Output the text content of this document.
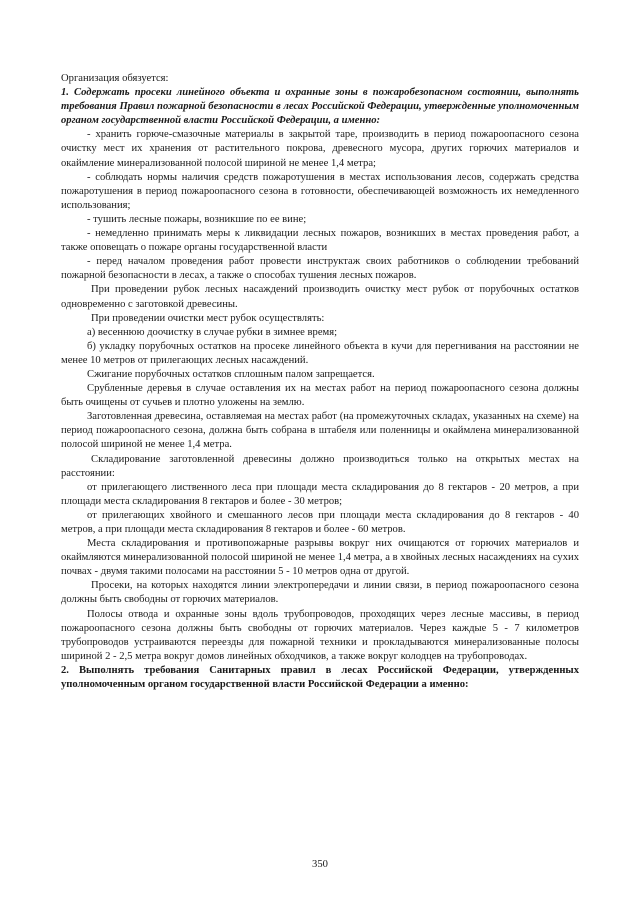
Организация обязуется:

1. Содержать просеки линейного объекта и охранные зоны в пожаробезопасном состоянии, выполнять требования Правил пожарной безопасности в лесах Российской Федерации, утвержденные уполномоченным органом государственной власти Российской Федерации, а именно:

- хранить горюче-смазочные материалы в закрытой таре, производить в период пожароопасного сезона очистку мест их хранения от растительного покрова, древесного мусора, других горючих материалов и окаймление минерализованной полосой шириной не менее 1,4 метра;

- соблюдать нормы наличия средств пожаротушения в местах использования лесов, содержать средства пожаротушения в период пожароопасного сезона в готовности, обеспечивающей возможность их немедленного использования;

- тушить лесные пожары, возникшие по ее вине;

- немедленно принимать меры к ликвидации лесных пожаров, возникших в местах проведения работ, а также оповещать о пожаре органы государственной власти

- перед началом проведения работ провести инструктаж своих работников о соблюдении требований пожарной безопасности в лесах, а также о способах тушения лесных пожаров.

При проведении рубок лесных насаждений производить очистку мест рубок от порубочных остатков одновременно с заготовкой древесины.

При проведении очистки мест рубок осуществлять:

а) весеннюю доочистку в случае рубки в зимнее время;

б) укладку порубочных остатков на просеке линейного объекта в кучи для перегнивания на расстоянии не менее 10 метров от прилегающих лесных насаждений.

Сжигание порубочных остатков сплошным палом запрещается.

Срубленные деревья в случае оставления их на местах работ на период пожароопасного сезона должны быть очищены от сучьев и плотно уложены на землю.

Заготовленная древесина, оставляемая на местах работ (на промежуточных складах, указанных на схеме) на период пожароопасного сезона, должна быть собрана в штабеля или поленницы и окаймлена минерализованной полосой шириной не менее 1,4 метра.

Складирование заготовленной древесины должно производиться только на открытых местах на расстоянии:

от прилегающего лиственного леса при площади места складирования до 8 гектаров - 20 метров, а при площади места складирования 8 гектаров и более - 30 метров;

от прилегающих хвойного и смешанного лесов при площади места складирования до 8 гектаров - 40 метров, а при площади места складирования 8 гектаров и более - 60 метров.

Места складирования и противопожарные разрывы вокруг них очищаются от горючих материалов и окаймляются минерализованной полосой шириной не менее 1,4 метра, а в хвойных лесных насаждениях на сухих почвах - двумя такими полосами на расстоянии 5 - 10 метров одна от другой.

Просеки, на которых находятся линии электропередачи и линии связи, в период пожароопасного сезона должны быть свободны от горючих материалов.

Полосы отвода и охранные зоны вдоль трубопроводов, проходящих через лесные массивы, в период пожароопасного сезона должны быть свободны от горючих материалов. Через каждые 5 - 7 километров трубопроводов устраиваются переезды для пожарной техники и прокладываются минерализованные полосы шириной 2 - 2,5 метра вокруг домов линейных обходчиков, а также вокруг колодцев на трубопроводах.

2. Выполнять требования Санитарных правил в лесах Российской Федерации, утвержденных уполномоченным органом государственной власти Российской Федерации а именно:

350
